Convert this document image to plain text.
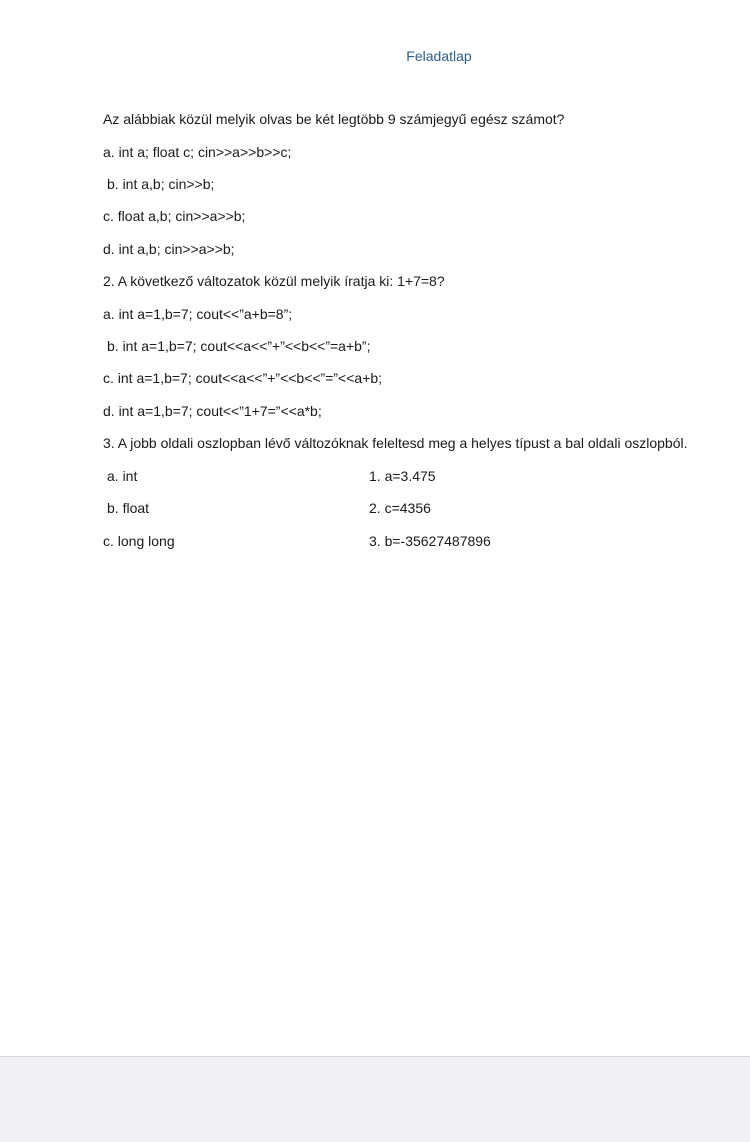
Feladatlap
Az alábbiak közül melyik olvas be két legtöbb 9 számjegyű egész számot?
a. int a; float c; cin>>a>>b>>c;
b. int a,b; cin>>b;
c. float a,b; cin>>a>>b;
d. int a,b; cin>>a>>b;
2. A következő változatok közül melyik íratja ki: 1+7=8?
a. int a=1,b=7; cout<<”a+b=8”;
b. int a=1,b=7; cout<<a<<”+”<<b<<”=a+b”;
c. int a=1,b=7; cout<<a<<”+”<<b<<”=”<<a+b;
d. int a=1,b=7; cout<<”1+7=”<<a*b;
3. A jobb oldali oszlopban lévő változóknak feleltesd meg a helyes típust a bal oldali oszlopból.
a. int	1. a=3.475
b. float	2. c=4356
c. long long	3. b=-35627487896
